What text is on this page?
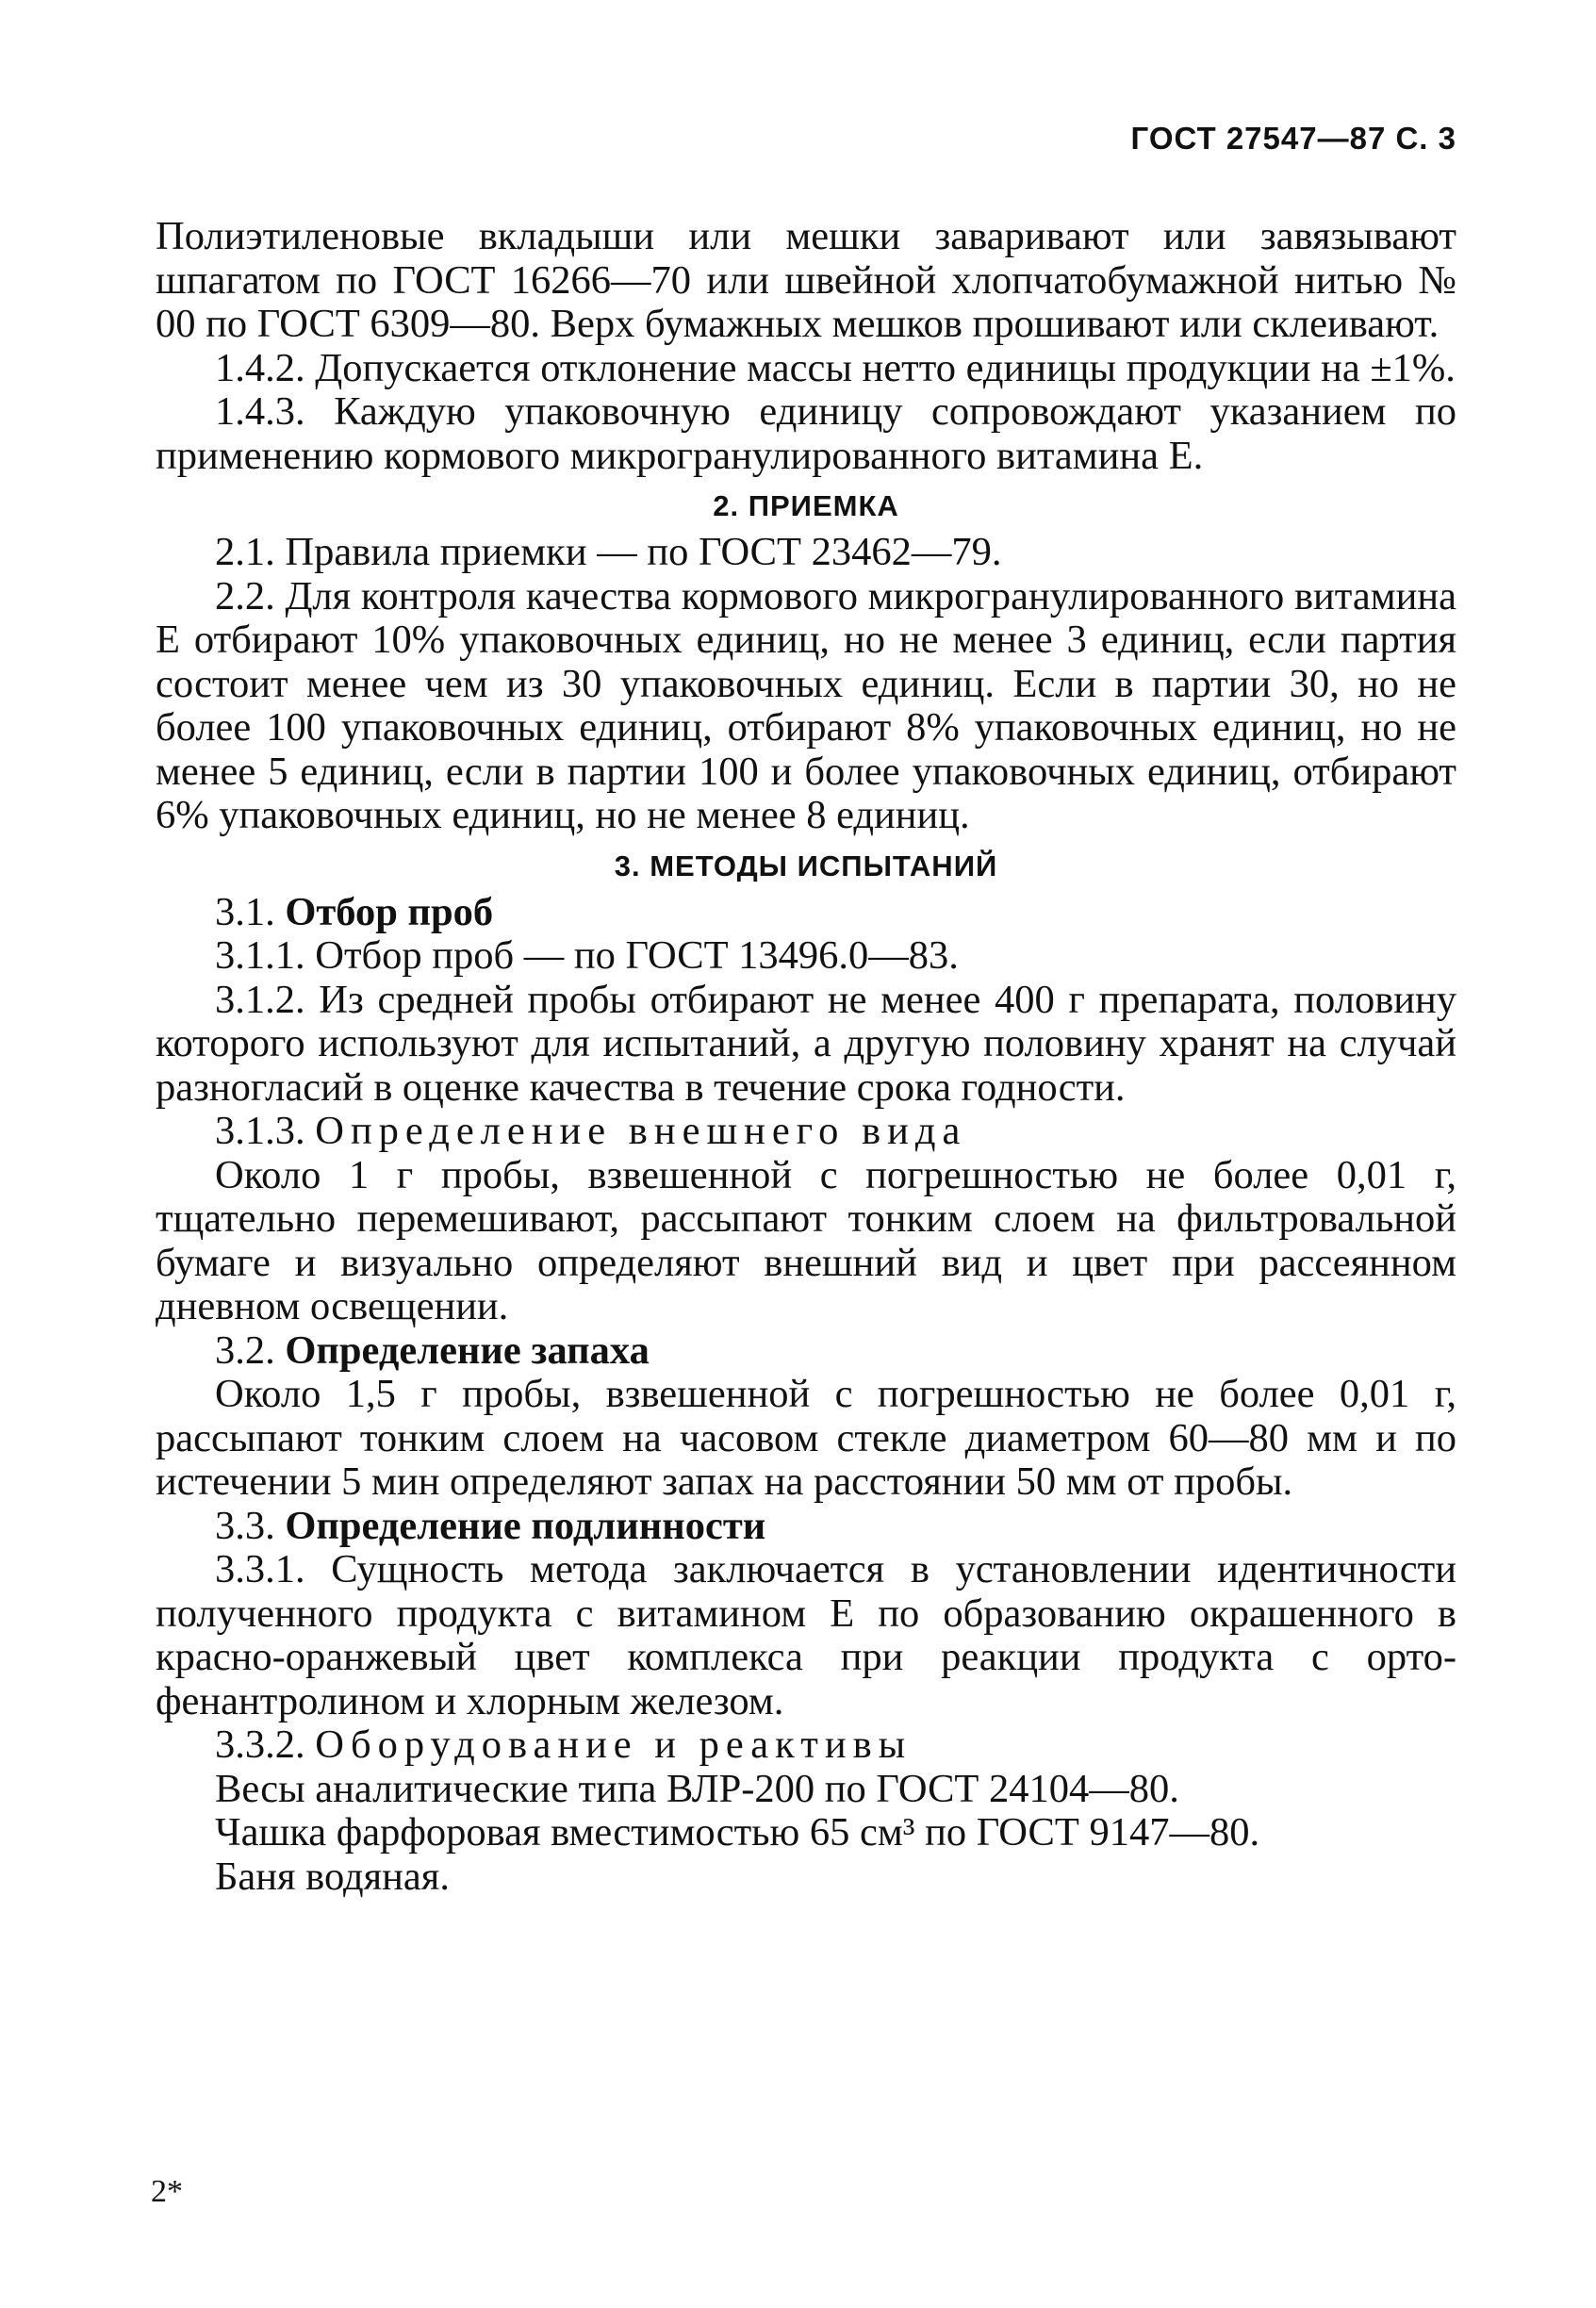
ГОСТ 27547—87 С. 3

Полиэтиленовые вкладыши или мешки заваривают или завязывают шпагатом по ГОСТ 16266—70 или швейной хлопчатобумажной нитью № 00 по ГОСТ 6309—80. Верх бумажных мешков прошивают или склеивают.

1.4.2. Допускается отклонение массы нетто единицы продукции на ±1%.

1.4.3. Каждую упаковочную единицу сопровождают указанием по применению кормового микрогранулированного витамина Е.

2. ПРИЕМКА

2.1. Правила приемки — по ГОСТ 23462—79.

2.2. Для контроля качества кормового микрогранулированного витамина Е отбирают 10% упаковочных единиц, но не менее 3 единиц, если партия состоит менее чем из 30 упаковочных единиц. Если в партии 30, но не более 100 упаковочных единиц, отбирают 8% упаковочных единиц, но не менее 5 единиц, если в партии 100 и более упаковочных единиц, отбирают 6% упаковочных единиц, но не менее 8 единиц.

3. МЕТОДЫ ИСПЫТАНИЙ

3.1. Отбор проб

3.1.1. Отбор проб — по ГОСТ 13496.0—83.

3.1.2. Из средней пробы отбирают не менее 400 г препарата, половину которого используют для испытаний, а другую половину хранят на случай разногласий в оценке качества в течение срока годности.

3.1.3. Определение внешнего вида

Около 1 г пробы, взвешенной с погрешностью не более 0,01 г, тщательно перемешивают, рассыпают тонким слоем на фильтровальной бумаге и визуально определяют внешний вид и цвет при рассеянном дневном освещении.

3.2. Определение запаха

Около 1,5 г пробы, взвешенной с погрешностью не более 0,01 г, рассыпают тонким слоем на часовом стекле диаметром 60—80 мм и по истечении 5 мин определяют запах на расстоянии 50 мм от пробы.

3.3. Определение подлинности

3.3.1. Сущность метода заключается в установлении идентичности полученного продукта с витамином Е по образованию окрашенного в красно-оранжевый цвет комплекса при реакции продукта с орто-фенантролином и хлорным железом.

3.3.2. Оборудование и реактивы

Весы аналитические типа ВЛР-200 по ГОСТ 24104—80.

Чашка фарфоровая вместимостью 65 см³ по ГОСТ 9147—80.

Баня водяная.

2*
